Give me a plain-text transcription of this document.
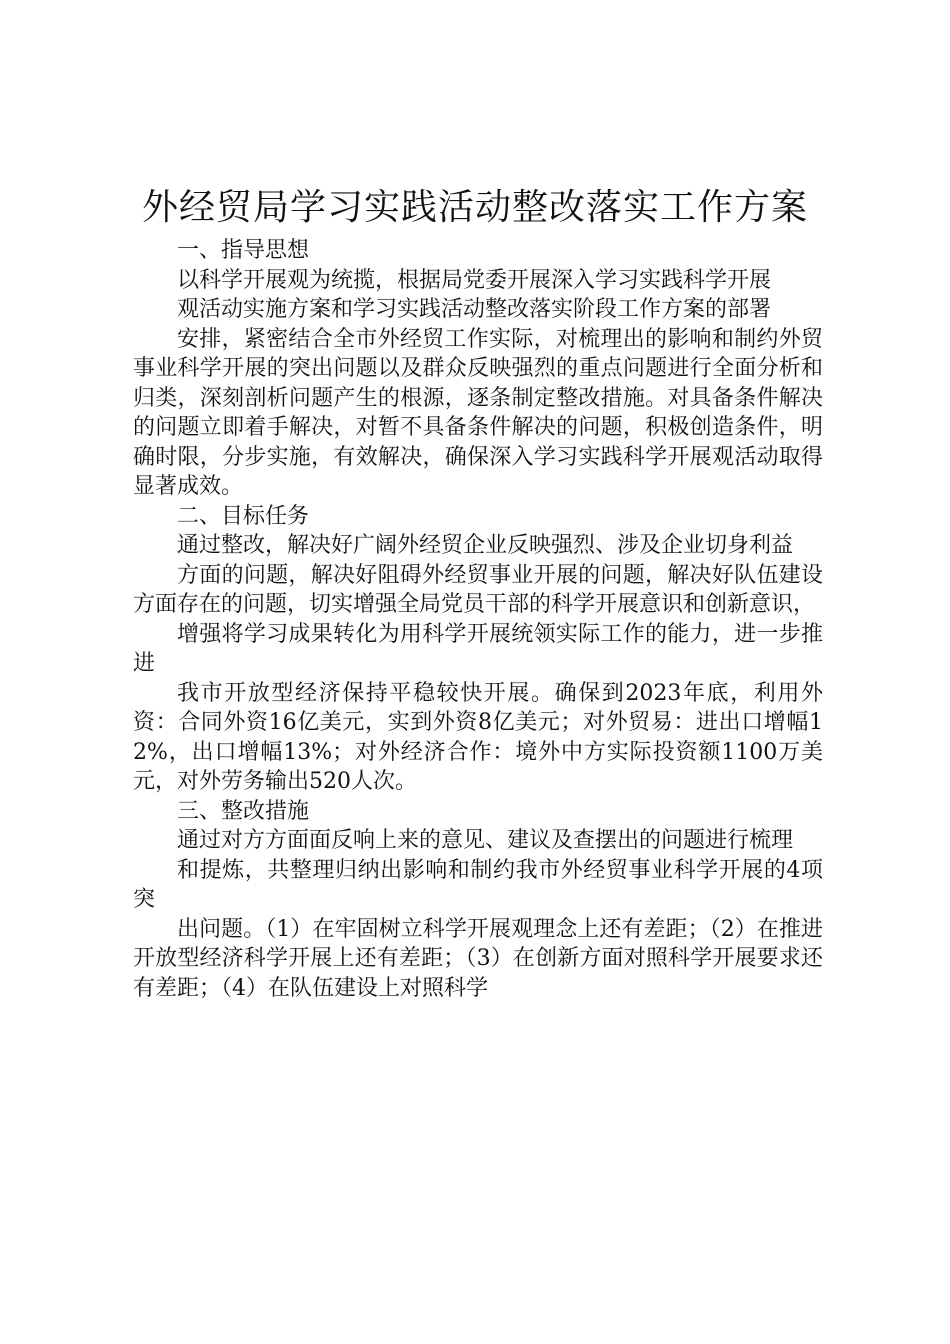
外经贸局学习实践活动整改落实工作方案

一、指导思想

以科学开展观为统揽，根据局党委开展深入学习实践科学开展

观活动实施方案和学习实践活动整改落实阶段工作方案的部署

安排，紧密结合全市外经贸工作实际，对梳理出的影响和制约外贸事业科学开展的突出问题以及群众反映强烈的重点问题进行全面分析和归类，深刻剖析问题产生的根源，逐条制定整改措施。对具备条件解决的问题立即着手解决，对暂不具备条件解决的问题，积极创造条件，明确时限，分步实施，有效解决，确保深入学习实践科学开展观活动取得显著成效。

二、目标任务

通过整改，解决好广阔外经贸企业反映强烈、涉及企业切身利益

方面的问题，解决好阻碍外经贸事业开展的问题，解决好队伍建设方面存在的问题，切实增强全局党员干部的科学开展意识和创新意识，

增强将学习成果转化为用科学开展统领实际工作的能力，进一步推进

我市开放型经济保持平稳较快开展。确保到2023年底，利用外资：合同外资16亿美元，实到外资8亿美元；对外贸易：进出口增幅12%，出口增幅13%；对外经济合作：境外中方实际投资额1100万美元，对外劳务输出520人次。

三、整改措施

通过对方方面面反响上来的意见、建议及查摆出的问题进行梳理

和提炼，共整理归纳出影响和制约我市外经贸事业科学开展的4项突

出问题。（1）在牢固树立科学开展观理念上还有差距；（2）在推进开放型经济科学开展上还有差距；（3）在创新方面对照科学开展要求还有差距；（4）在队伍建设上对照科学
